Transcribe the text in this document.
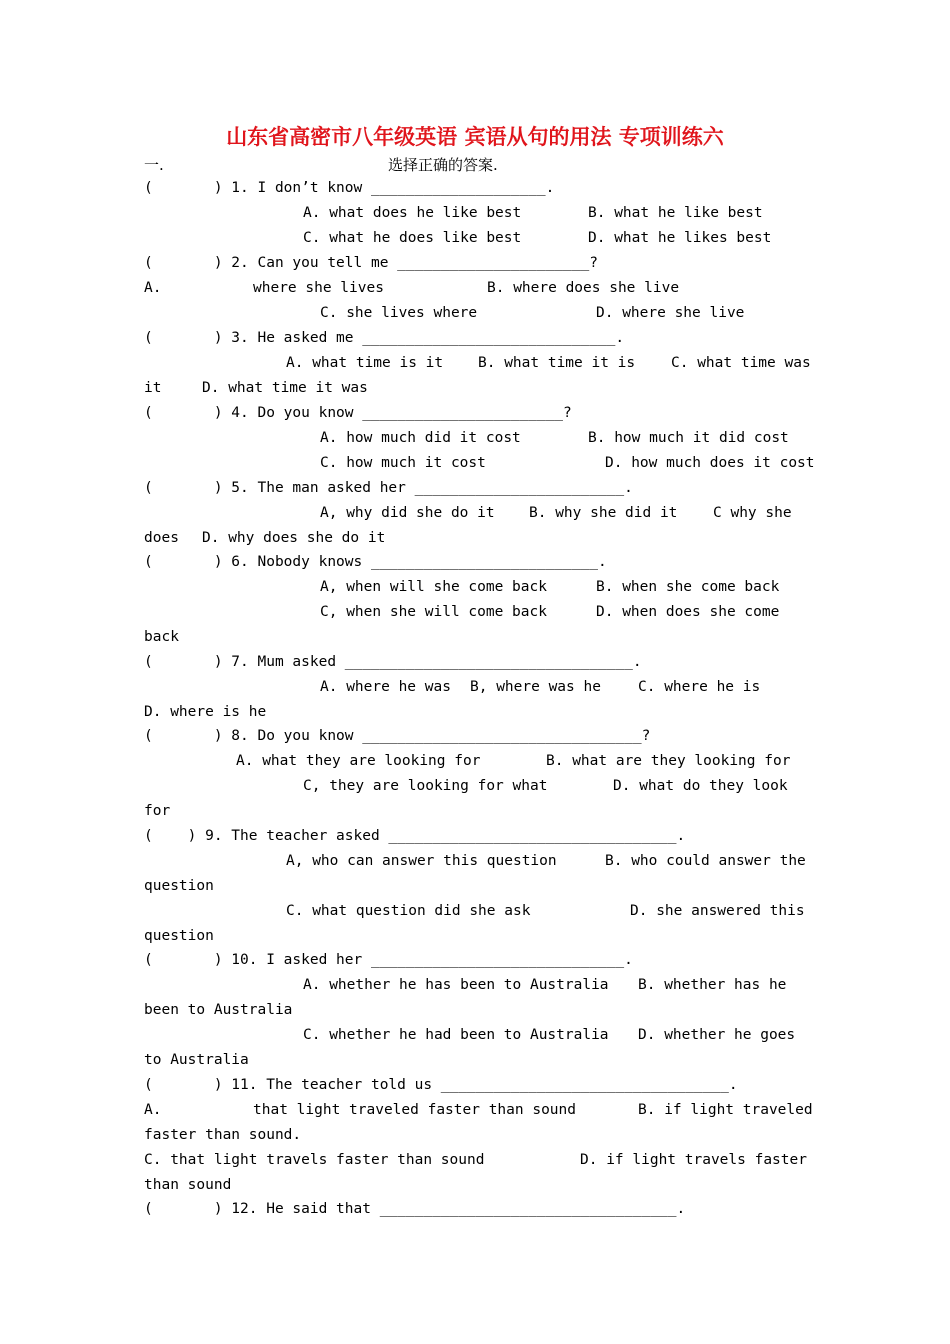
山东省高密市八年级英语 宾语从句的用法 专项训练六
一.	选择正确的答案.
(       ) 1. I don’t know ____________________.
A. what does he like best	B. what he like best
C. what he does like best	D. what he likes best
(       ) 2. Can you tell me ______________________?
A.	where she lives	B. where does she live
C. she lives where	D. where she live
(       ) 3. He asked me _____________________________.
A. what time is it B. what time it is C. what time was
it	D. what time it was
(       ) 4. Do you know _______________________?
A. how much did it cost	B. how much it did cost
C. how much it cost	D. how much does it cost
(       ) 5. The man asked her ________________________.
A, why did she do it B. why she did it C why she
does D. why does she do it
(       ) 6. Nobody knows __________________________.
A, when will she come back	B. when she come back
C, when she will come back	D. when does she come
back
(       ) 7. Mum asked _________________________________.
A. where he was B, where was he	C. where he is
D. where is he
(       ) 8. Do you know ________________________________?
A. what they are looking for	B. what are they looking for
C, they are looking for what	D. what do they look
for
(    ) 9. The teacher asked _________________________________.
A, who can answer this question	B. who could answer the
question
C. what question did she ask	D. she answered this
question
(       ) 10. I asked her _____________________________.
A. whether he has been to Australia B. whether has he
been to Australia
C. whether he had been to Australia D. whether he goes
to Australia
(       ) 11. The teacher told us _________________________________.
A.	that light traveled faster than sound	B. if light traveled
faster than sound.
C. that light travels faster than sound	D. if light travels faster
than sound
(       ) 12. He said that __________________________________.
